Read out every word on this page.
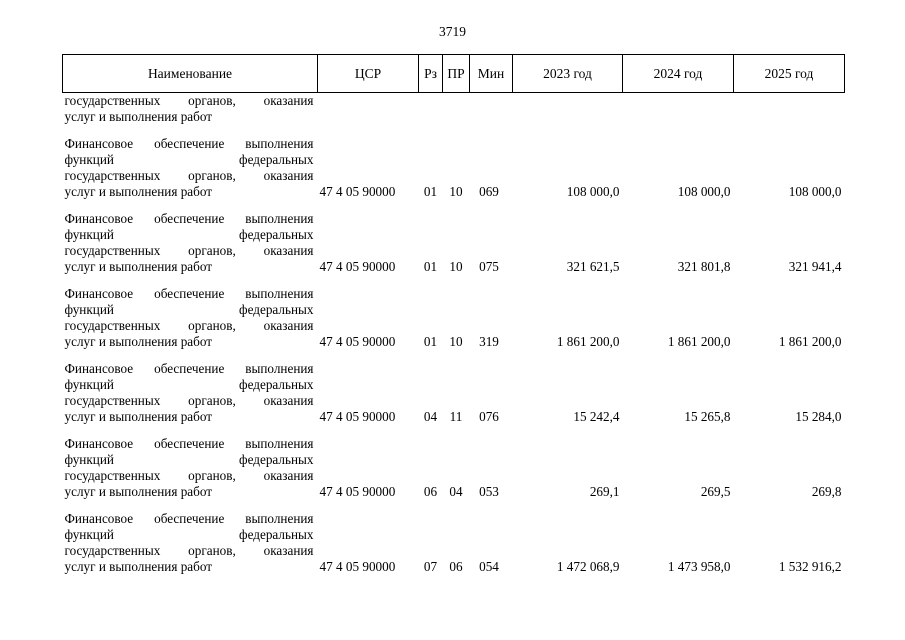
3719
Наименование	ЦСР	Рз	ПР	Мин	2023 год	2024 год	2025 год

государственных органов, оказания
услуг и выполнения работ							

Финансовое обеспечение выполнения
функций федеральных
государственных органов, оказания
услуг и выполнения работ	47 4 05 90000	01	10	069	108 000,0	108 000,0	108 000,0

Финансовое обеспечение выполнения
функций федеральных
государственных органов, оказания
услуг и выполнения работ	47 4 05 90000	01	10	075	321 621,5	321 801,8	321 941,4

Финансовое обеспечение выполнения
функций федеральных
государственных органов, оказания
услуг и выполнения работ	47 4 05 90000	01	10	319	1 861 200,0	1 861 200,0	1 861 200,0

Финансовое обеспечение выполнения
функций федеральных
государственных органов, оказания
услуг и выполнения работ	47 4 05 90000	04	11	076	15 242,4	15 265,8	15 284,0

Финансовое обеспечение выполнения
функций федеральных
государственных органов, оказания
услуг и выполнения работ	47 4 05 90000	06	04	053	269,1	269,5	269,8

Финансовое обеспечение выполнения
функций федеральных
государственных органов, оказания
услуг и выполнения работ	47 4 05 90000	07	06	054	1 472 068,9	1 473 958,0	1 532 916,2
